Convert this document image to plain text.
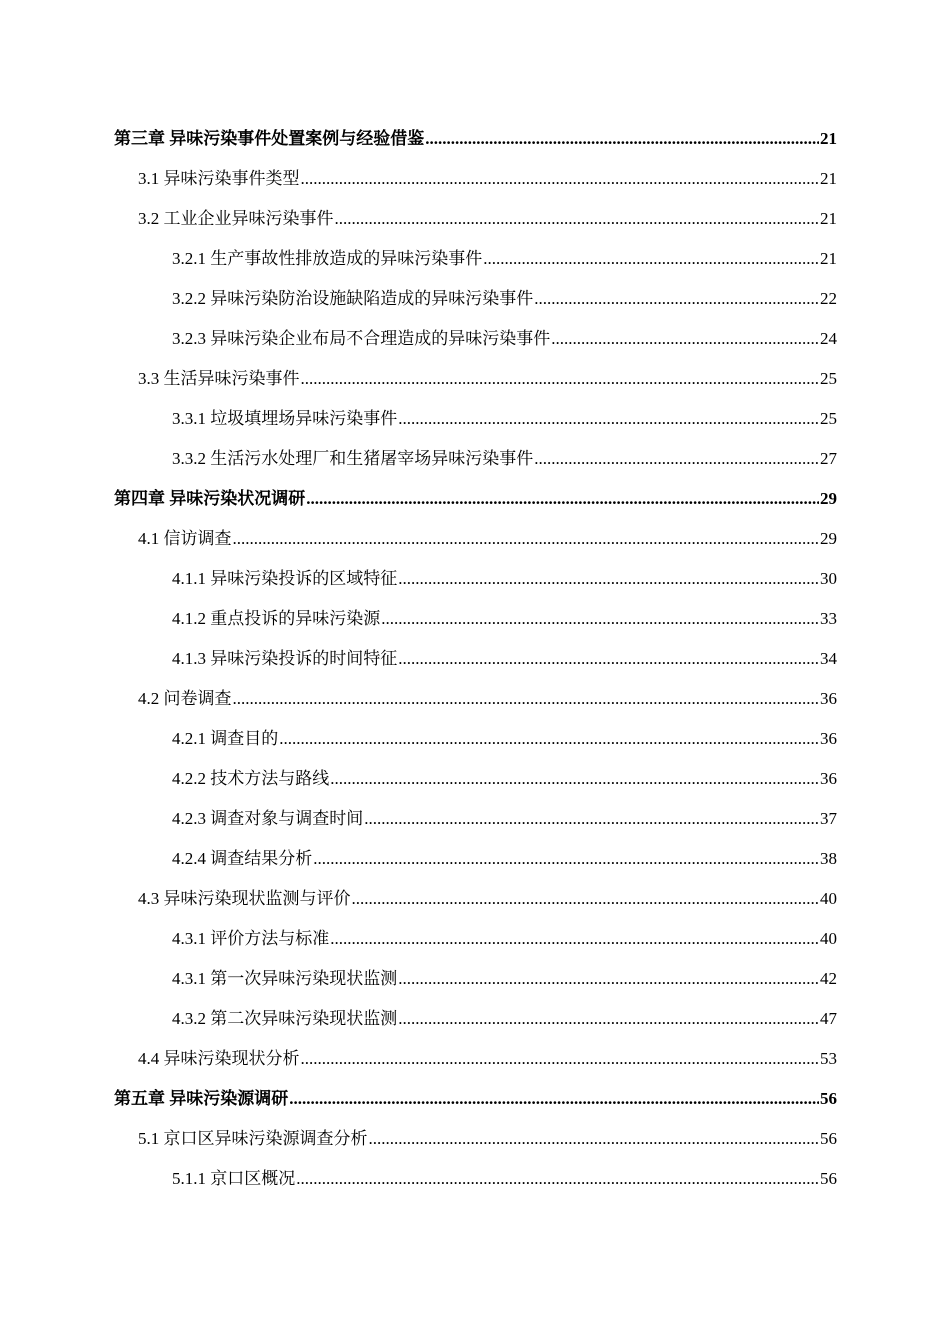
第三章 异味污染事件处置案例与经验借鉴 .....	21
3.1 异味污染事件类型 .....	21
3.2 工业企业异味污染事件 .....	21
3.2.1 生产事故性排放造成的异味污染事件 .....	21
3.2.2 异味污染防治设施缺陷造成的异味污染事件 .....	22
3.2.3 异味污染企业布局不合理造成的异味污染事件 .....	24
3.3 生活异味污染事件 .....	25
3.3.1 垃圾填埋场异味污染事件 .....	25
3.3.2 生活污水处理厂和生猪屠宰场异味污染事件 .....	27
第四章 异味污染状况调研 .....	29
4.1 信访调查 .....	29
4.1.1 异味污染投诉的区域特征 .....	30
4.1.2 重点投诉的异味污染源 .....	33
4.1.3 异味污染投诉的时间特征 .....	34
4.2 问卷调查 .....	36
4.2.1 调查目的 .....	36
4.2.2 技术方法与路线 .....	36
4.2.3 调查对象与调查时间 .....	37
4.2.4 调查结果分析 .....	38
4.3 异味污染现状监测与评价 .....	40
4.3.1 评价方法与标准 .....	40
4.3.1 第一次异味污染现状监测 .....	42
4.3.2 第二次异味污染现状监测 .....	47
4.4 异味污染现状分析 .....	53
第五章 异味污染源调研 .....	56
5.1 京口区异味污染源调查分析 .....	56
5.1.1 京口区概况 .....	56
